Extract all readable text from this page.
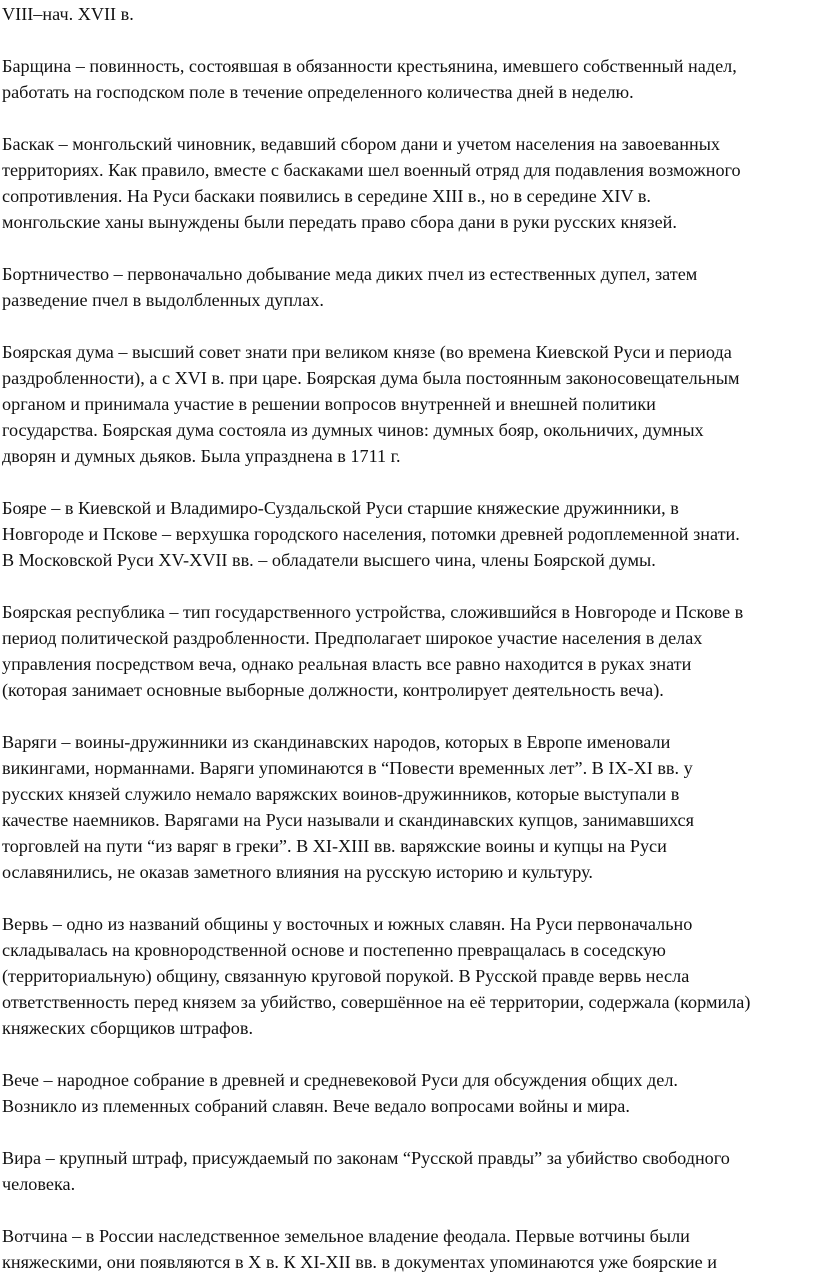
VIII–нач. XVII в.

Барщина – повинность, состоявшая в обязанности крестьянина, имевшего собственный надел,
работать на господском поле в течение определенного количества дней в неделю.
Баскак – монгольский чиновник, ведавший сбором дани и учетом населения на завоеванных
территориях. Как правило, вместе с баскаками шел военный отряд для подавления возможного
сопротивления. На Руси баскаки появились в середине XIII в., но в середине XIV в.
монгольские ханы вынуждены были передать право сбора дани в руки русских князей.
Бортничество – первоначально добывание меда диких пчел из естественных дупел, затем
разведение пчел в выдолбленных дуплах.
Боярская дума – высший совет знати при великом князе (во времена Киевской Руси и периода
раздробленности), а с XVI в. при царе. Боярская дума была постоянным законосовещательным
органом и принимала участие в решении вопросов внутренней и внешней политики
государства. Боярская дума состояла из думных чинов: думных бояр, окольничих, думных
дворян и думных дьяков. Была упразднена в 1711 г.
Бояре – в Киевской и Владимиро-Суздальской Руси старшие княжеские дружинники, в
Новгороде и Пскове – верхушка городского населения, потомки древней родоплеменной знати.
В Московской Руси XV-XVII вв. – обладатели высшего чина, члены Боярской думы.
Боярская республика – тип государственного устройства, сложившийся в Новгороде и Пскове в
период политической раздробленности. Предполагает широкое участие населения в делах
управления посредством веча, однако реальная власть все равно находится в руках знати
(которая занимает основные выборные должности, контролирует деятельность веча).
Варяги – воины-дружинники из скандинавских народов, которых в Европе именовали
викингами, норманнами. Варяги упоминаются в “Повести временных лет”. В IX-XI вв. у
русских князей служило немало варяжских воинов-дружинников, которые выступали в
качестве наемников. Варягами на Руси называли и скандинавских купцов, занимавшихся
торговлей на пути “из варяг в греки”. В XI-XIII вв. варяжские воины и купцы на Руси
ославянились, не оказав заметного влияния на русскую историю и культуру.
Вервь – одно из названий общины у восточных и южных славян. На Руси первоначально
складывалась на кровнородственной основе и постепенно превращалась в соседскую
(территориальную) общину, связанную круговой порукой. В Русской правде вервь несла
ответственность перед князем за убийство, совершённое на её территории, содержала (кормила)
княжеских сборщиков штрафов.
Вече – народное собрание в древней и средневековой Руси для обсуждения общих дел.
Возникло из племенных собраний славян. Вече ведало вопросами войны и мира.
Вира – крупный штраф, присуждаемый по законам “Русской правды” за убийство свободного
человека.
Вотчина – в России наследственное земельное владение феодала. Первые вотчины были
княжескими, они появляются в X в. К XI-XII вв. в документах упоминаются уже боярские и
